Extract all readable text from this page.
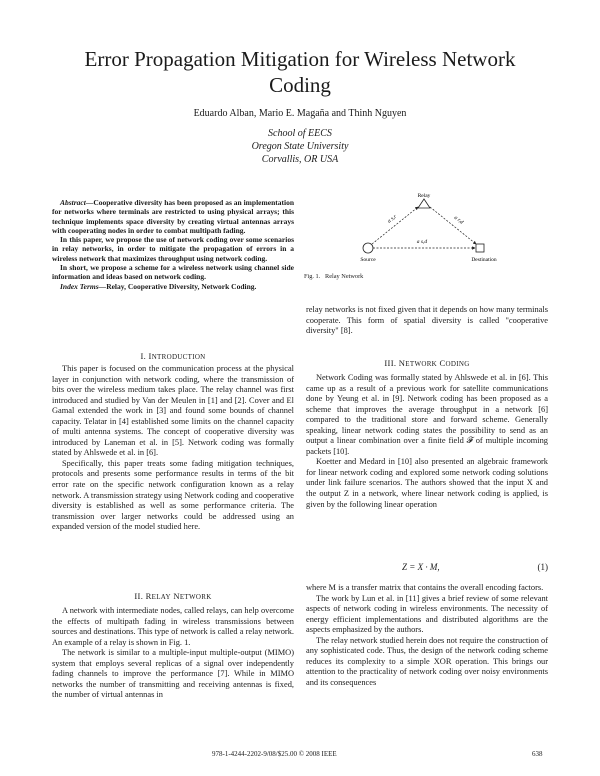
Error Propagation Mitigation for Wireless Network
Coding
Eduardo Alban, Mario E. Magaña and Thinh Nguyen
School of EECS
Oregon State University
Corvallis, OR USA

Abstract—Cooperative diversity has been proposed as an implementation for networks where terminals are restricted to using physical arrays; this technique implements space diversity by creating virtual antennas arrays with cooperating nodes in order to combat multipath fading.

In this paper, we propose the use of network coding over some scenarios in relay networks, in order to mitigate the propagation of errors in a wireless network that maximizes throughput using network coding.

In short, we propose a scheme for a wireless network using channel side information and ideas based on network coding.

Index Terms—Relay, Cooperative Diversity, Network Coding.

I. INTRODUCTION

This paper is focused on the communication process at the physical layer in conjunction with network coding, where the transmission of bits over the wireless medium takes place. The relay channel was first introduced and studied by Van der Meulen in [1] and [2]. Cover and El Gamal extended the work in [3] and found some bounds of channel capacity. Telatar in [4] established some limits on the channel capacity of multi antenna systems. The concept of cooperative diversity was introduced by Laneman et al. in [5]. Network coding was formally stated by Ahlswede et al. in [6].

Specifically, this paper treats some fading mitigation techniques, protocols and presents some performance results in terms of the bit error rate on the specific network configuration known as a relay network. A transmission strategy using Network coding and cooperative diversity is established as well as some performance criteria. The transmission over larger networks could be addressed using an expanded version of the model studied here.

II. RELAY NETWORK

A network with intermediate nodes, called relays, can help overcome the effects of multipath fading in wireless transmissions between sources and destinations. This type of network is called a relay network. An example of a relay is shown in Fig. 1.

The network is similar to a multiple-input multiple-output (MIMO) system that employs several replicas of a signal over independently fading channels to improve the performance [7]. While in MIMO networks the number of transmitting and receiving antennas is fixed, the number of virtual antennas in

Relay
Source	Destination
a s,r	a r,d
a s,d
Fig. 1. Relay Network

relay networks is not fixed given that it depends on how many terminals cooperate. This form of spatial diversity is called "cooperative diversity" [8].

III. NETWORK CODING

Network Coding was formally stated by Ahlswede et al. in [6]. This came up as a result of a previous work for satellite communications done by Yeung et al. in [9]. Network coding has been proposed as a scheme that improves the average throughput in a network [6] compared to the traditional store and forward scheme. Generally speaking, linear network coding states the possibility to send as an output a linear combination over a finite field 𝓕 of multiple incoming packets [10].

Koetter and Medard in [10] also presented an algebraic framework for linear network coding and explored some network coding solutions under link failure scenarios. The authors showed that the input X and the output Z in a network, where linear network coding is applied, is given by the following linear operation

Z = X · M,	(1)

where M is a transfer matrix that contains the overall encoding factors.

The work by Lun et al. in [11] gives a brief review of some relevant aspects of network coding in wireless environments. The necessity of energy efficient implementations and distributed algorithms are the aspects emphasized by the authors.

The relay network studied herein does not require the construction of any sophisticated code. Thus, the design of the network coding scheme reduces its complexity to a simple XOR operation. This brings our attention to the practicality of network coding over noisy environments and its consequences

978-1-4244-2202-9/08/$25.00 © 2008 IEEE	638
